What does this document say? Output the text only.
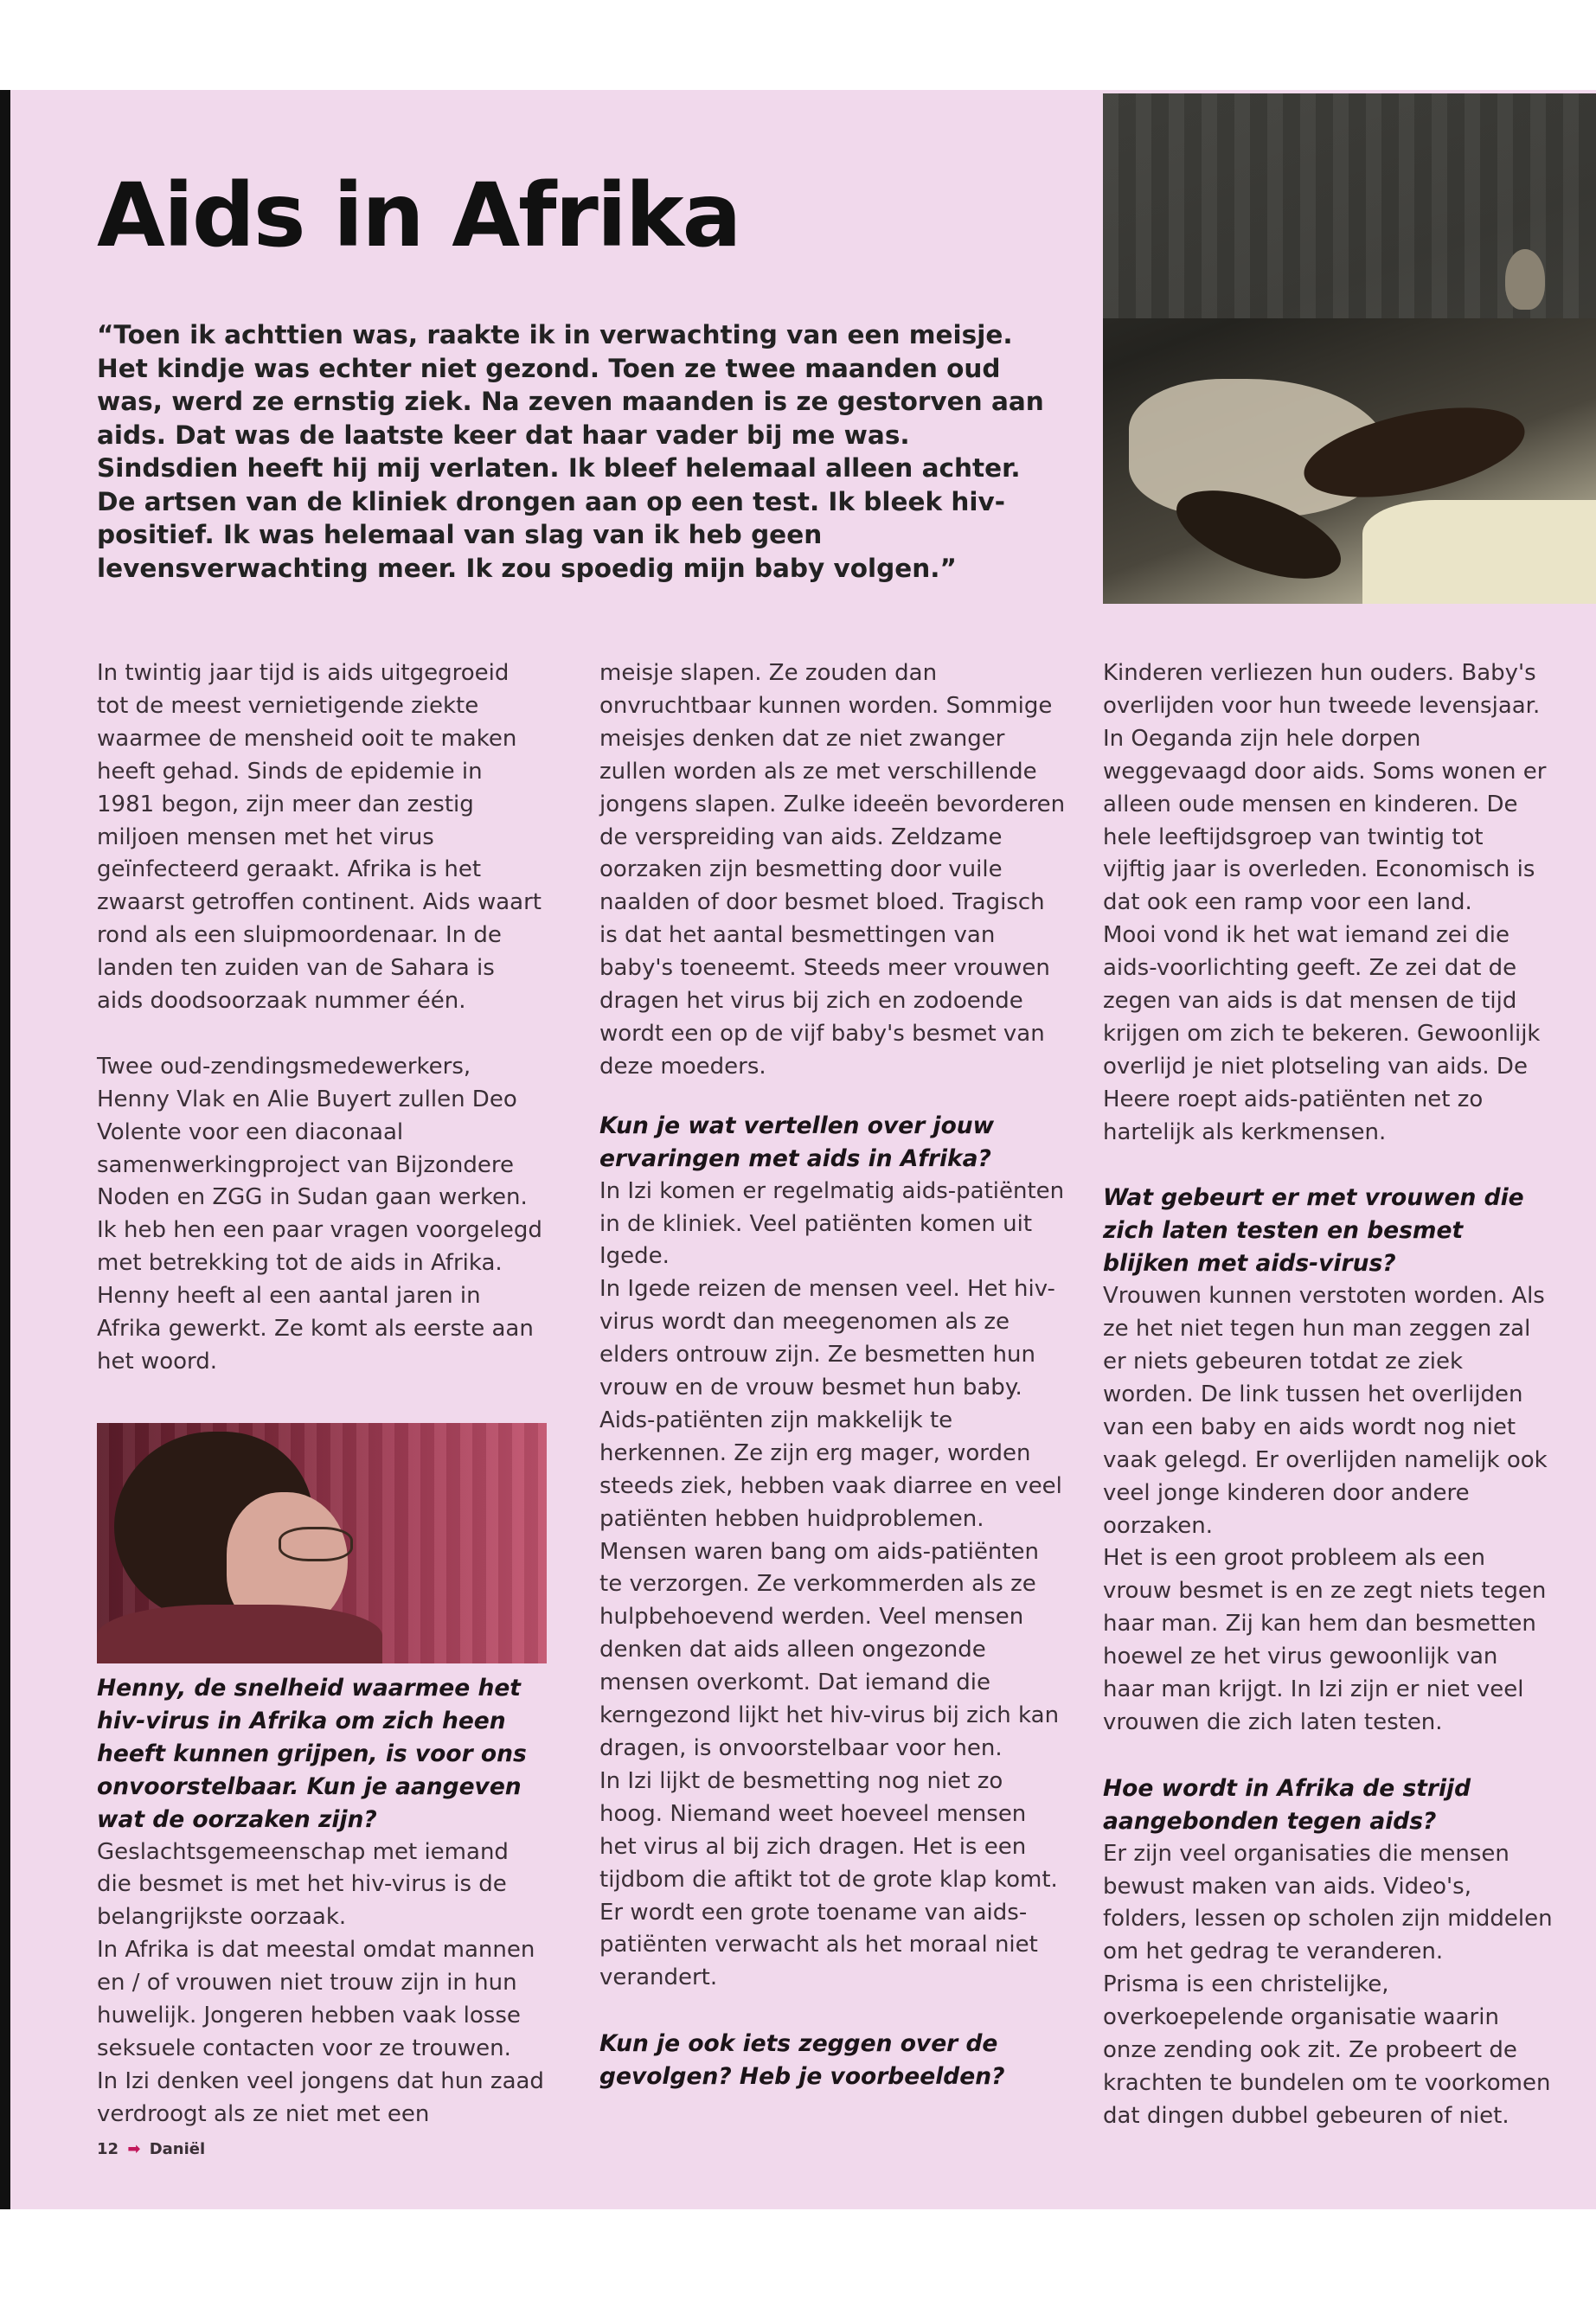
Aids in Afrika

“Toen ik achttien was, raakte ik in verwachting van een meisje. Het kindje was echter niet gezond. Toen ze twee maanden oud was, werd ze ernstig ziek. Na zeven maanden is ze gestorven aan aids. Dat was de laatste keer dat haar vader bij me was. Sindsdien heeft hij mij verlaten. Ik bleef helemaal alleen achter. De artsen van de kliniek drongen aan op een test. Ik bleek hiv-positief. Ik was helemaal van slag van ik heb geen levensverwachting meer. Ik zou spoedig mijn baby volgen.”

In twintig jaar tijd is aids uitgegroeid tot de meest vernietigende ziekte waarmee de mensheid ooit te maken heeft gehad. Sinds de epidemie in 1981 begon, zijn meer dan zestig miljoen mensen met het virus geïnfecteerd geraakt. Afrika is het zwaarst getroffen continent. Aids waart rond als een sluipmoordenaar. In de landen ten zuiden van de Sahara is aids doodsoorzaak nummer één.

Twee oud-zendingsmedewerkers, Henny Vlak en Alie Buyert zullen Deo Volente voor een diaconaal samenwerkingproject van Bijzondere Noden en ZGG in Sudan gaan werken. Ik heb hen een paar vragen voorgelegd met betrekking tot de aids in Afrika. Henny heeft al een aantal jaren in Afrika gewerkt. Ze komt als eerste aan het woord.

Henny, de snelheid waarmee het hiv-virus in Afrika om zich heen heeft kunnen grijpen, is voor ons onvoorstelbaar. Kun je aangeven wat de oorzaken zijn?

Geslachtsgemeenschap met iemand die besmet is met het hiv-virus is de belangrijkste oorzaak.

In Afrika is dat meestal omdat mannen en / of vrouwen niet trouw zijn in hun huwelijk. Jongeren hebben vaak losse seksuele contacten voor ze trouwen.

In Izi denken veel jongens dat hun zaad verdroogt als ze niet met een

meisje slapen. Ze zouden dan onvruchtbaar kunnen worden. Sommige meisjes denken dat ze niet zwanger zullen worden als ze met verschillende jongens slapen. Zulke ideeën bevorderen de verspreiding van aids. Zeldzame oorzaken zijn besmetting door vuile naalden of door besmet bloed. Tragisch is dat het aantal besmettingen van baby's toeneemt. Steeds meer vrouwen dragen het virus bij zich en zodoende wordt een op de vijf baby's besmet van deze moeders.

Kun je wat vertellen over jouw ervaringen met aids in Afrika?

In Izi komen er regelmatig aids-patiënten in de kliniek. Veel patiënten komen uit Igede.

In Igede reizen de mensen veel. Het hiv-virus wordt dan meegenomen als ze elders ontrouw zijn. Ze besmetten hun vrouw en de vrouw besmet hun baby. Aids-patiënten zijn makkelijk te herkennen. Ze zijn erg mager, worden steeds ziek, hebben vaak diarree en veel patiënten hebben huidproblemen.

Mensen waren bang om aids-patiënten te verzorgen. Ze verkommerden als ze hulpbehoevend werden. Veel mensen denken dat aids alleen ongezonde mensen overkomt. Dat iemand die kerngezond lijkt het hiv-virus bij zich kan dragen, is onvoorstelbaar voor hen.

In Izi lijkt de besmetting nog niet zo hoog. Niemand weet hoeveel mensen het virus al bij zich dragen. Het is een tijdbom die aftikt tot de grote klap komt. Er wordt een grote toename van aids-patiënten verwacht als het moraal niet verandert.

Kun je ook iets zeggen over de gevolgen? Heb je voorbeelden?

Kinderen verliezen hun ouders. Baby's overlijden voor hun tweede levensjaar. In Oeganda zijn hele dorpen weggevaagd door aids. Soms wonen er alleen oude mensen en kinderen. De hele leeftijdsgroep van twintig tot vijftig jaar is overleden. Economisch is dat ook een ramp voor een land.

Mooi vond ik het wat iemand zei die aids-voorlichting geeft. Ze zei dat de zegen van aids is dat mensen de tijd krijgen om zich te bekeren. Gewoonlijk overlijd je niet plotseling van aids. De Heere roept aids-patiënten net zo hartelijk als kerkmensen.

Wat gebeurt er met vrouwen die zich laten testen en besmet blijken met aids-virus?

Vrouwen kunnen verstoten worden. Als ze het niet tegen hun man zeggen zal er niets gebeuren totdat ze ziek worden. De link tussen het overlijden van een baby en aids wordt nog niet vaak gelegd. Er overlijden namelijk ook veel jonge kinderen door andere oorzaken.

Het is een groot probleem als een vrouw besmet is en ze zegt niets tegen haar man. Zij kan hem dan besmetten hoewel ze het virus gewoonlijk van haar man krijgt. In Izi zijn er niet veel vrouwen die zich laten testen.

Hoe wordt in Afrika de strijd aangebonden tegen aids?

Er zijn veel organisaties die mensen bewust maken van aids. Video's, folders, lessen op scholen zijn middelen om het gedrag te veranderen.

Prisma is een christelijke, overkoepelende organisatie waarin onze zending ook zit. Ze probeert de krachten te bundelen om te voorkomen dat dingen dubbel gebeuren of niet.

12 ➡ Daniël
